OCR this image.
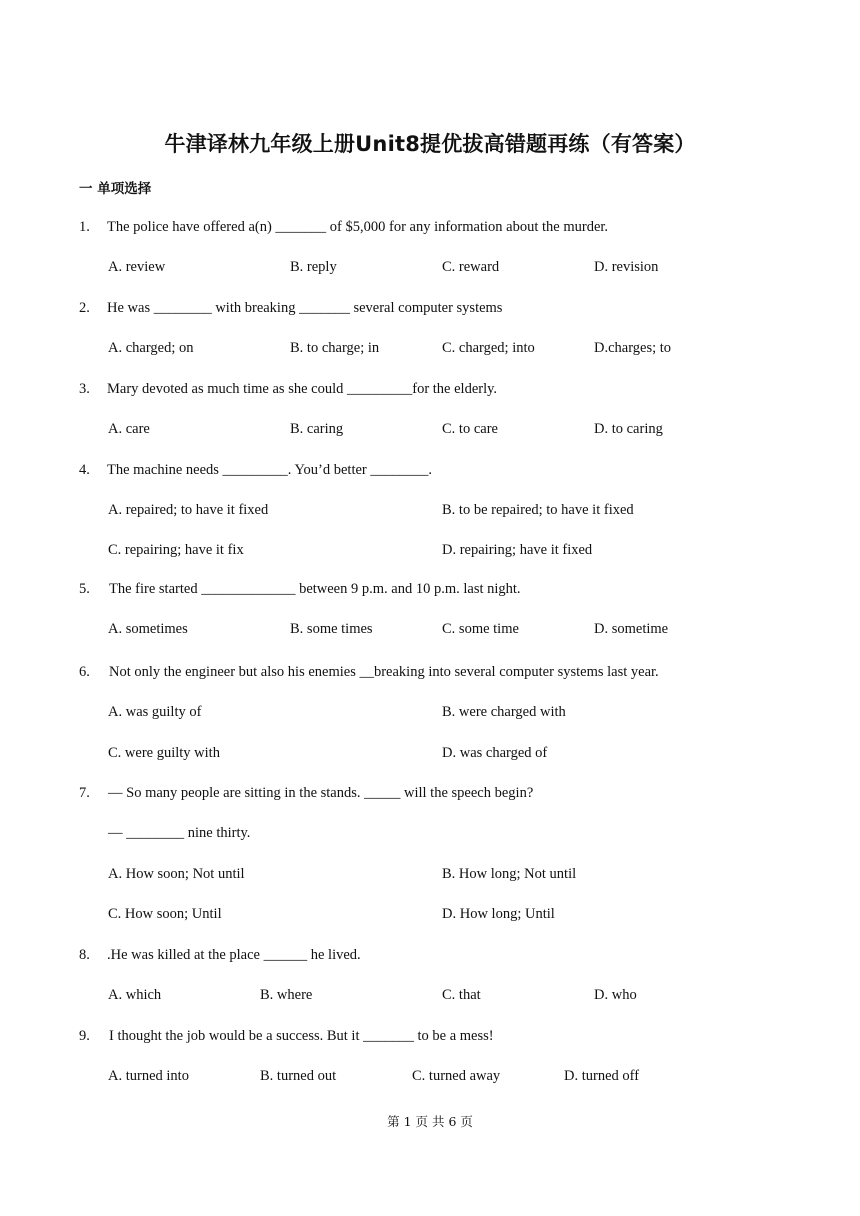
牛津译林九年级上册Unit8提优拔高错题再练（有答案）
一 单项选择
1. The police have offered a(n) _______ of $5,000 for any information about the murder.
A. review	B. reply	C. reward	D. revision
2. He was ________ with breaking _______ several computer systems
A. charged; on	B. to charge; in	C. charged; into	D.charges; to
3. Mary devoted as much time as she could _________for the elderly.
A. care	B. caring	C. to care	D. to caring
4. The machine needs _________. You’d better ________.
A. repaired; to have it fixed	B. to be repaired; to have it fixed
C. repairing; have it fix	D. repairing; have it fixed
5. The fire started _____________ between 9 p.m. and 10 p.m. last night.
A. sometimes	B. some times	C. some time	D. sometime
6. Not only the engineer but also his enemies __breaking into several computer systems last year.
A. was guilty of	B. were charged with
C. were guilty with	D. was charged of
7. — So many people are sitting in the stands. _____ will the speech begin?
— ________ nine thirty.
A. How soon; Not until	B. How long; Not until
C. How soon; Until	D. How long; Until
8. .He was killed at the place ______ he lived.
A. which	B. where	C. that	D. who
9. I thought the job would be a success. But it _______ to be a mess!
A. turned into	B. turned out	C. turned away	D. turned off
第 1 页 共 6 页
